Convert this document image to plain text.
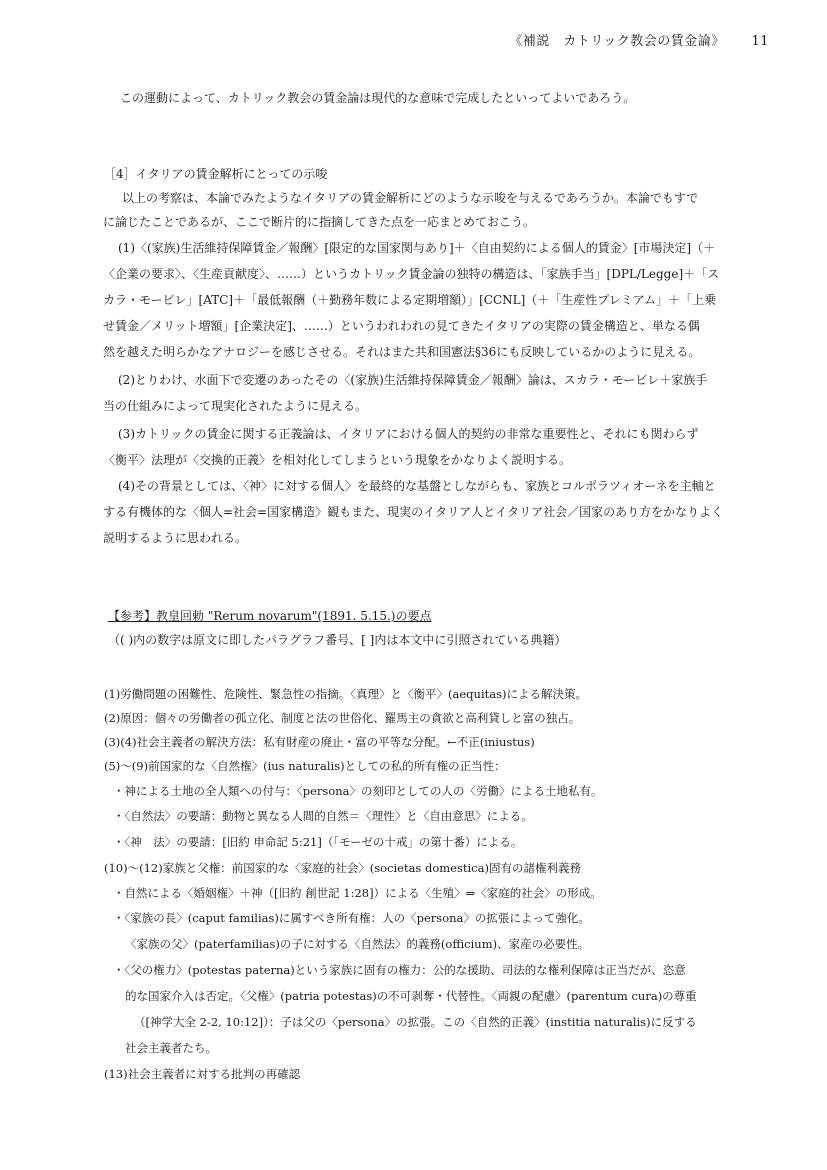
《補説　カトリック教会の賃金論》 11
この運動によって、カトリック教会の賃金論は現代的な意味で完成したといってよいであろう。
［4］イタリアの賃金解析にとっての示唆
以上の考察は、本論でみたようなイタリアの賃金解析にどのような示唆を与えるであろうか。本論でもすで
に論じたことであるが、ここで断片的に指摘してきた点を一応まとめておこう。
(1)〈(家族)生活維持保障賃金／報酬〉[限定的な国家関与あり]＋〈自由契約による個人的賃金〉[市場決定]（＋
〈企業の要求〉、〈生産貢献度〉、……）というカトリック賃金論の独特の構造は、「家族手当」[DPL/Legge]＋「ス
カラ・モービレ」[ATC]＋「最低報酬（＋勤務年数による定期増額）」[CCNL]（＋「生産性プレミアム」＋「上乗
せ賃金／メリット増額」[企業決定]、……）というわれわれの見てきたイタリアの実際の賃金構造と、単なる偶
然を越えた明らかなアナロジーを感じさせる。それはまた共和国憲法§36にも反映しているかのように見える。
(2)とりわけ、水面下で変遷のあったその〈(家族)生活維持保障賃金／報酬〉論は、スカラ・モービレ＋家族手
当の仕組みによって現実化されたように見える。
(3)カトリックの賃金に関する正義論は、イタリアにおける個人的契約の非常な重要性と、それにも関わらず
〈衡平〉法理が〈交換的正義〉を相対化してしまうという現象をかなりよく説明する。
(4)その背景としては、〈神〉に対する個人〉を最終的な基盤としながらも、家族とコルポラツィオーネを主軸と
する有機体的な〈個人=社会=国家構造〉観もまた、現実のイタリア人とイタリア社会／国家のあり方をかなりよく
説明するように思われる。
【参考】教皇回勅 "Rerum novarum"(1891. 5.15.)の要点
（( )内の数字は原文に即したパラグラフ番号、[ ]内は本文中に引照されている典籍）
(1)労働問題の困難性、危険性、緊急性の指摘。〈真理〉と〈衡平〉(aequitas)による解決策。
(2)原因：個々の労働者の孤立化、制度と法の世俗化、羅馬主の貪欲と高利貸しと富の独占。
(3)(4)社会主義者の解決方法：私有財産の廃止・富の平等な分配。←不正(iniustus)
(5)～(9)前国家的な〈自然権〉(ius naturalis)としての私的所有権の正当性：
・神による土地の全人類への付与：〈persona〉の刻印としての人の〈労働〉による土地私有。
・〈自然法〉の要請：動物と異なる人間的自然＝〈理性〉と〈自由意思〉による。
・〈神　法〉の要請：[旧約 申命記 5:21]（「モーゼの十戒」の第十番）による。
(10)～(12)家族と父権：前国家的な〈家庭的社会〉(societas domestica)固有の諸権利義務
・自然による〈婚姻権〉＋神（[旧約 創世記 1:28]）による〈生殖〉⇒〈家庭的社会〉の形成。
・〈家族の長〉(caput familias)に属すべき所有権：人の〈persona〉の拡張によって強化。
〈家族の父〉(paterfamilias)の子に対する〈自然法〉的義務(officium)、家産の必要性。
・〈父の権力〉(potestas paterna)という家族に固有の権力：公的な援助、司法的な権利保障は正当だが、恣意
的な国家介入は否定。〈父権〉(patria potestas)の不可剥奪・代替性。〈両親の配慮〉(parentum cura)の尊重
（[神学大全 2-2, 10:12]）：子は父の〈persona〉の拡張。この〈自然的正義〉(institia naturalis)に反する
社会主義者たち。
(13)社会主義者に対する批判の再確認
